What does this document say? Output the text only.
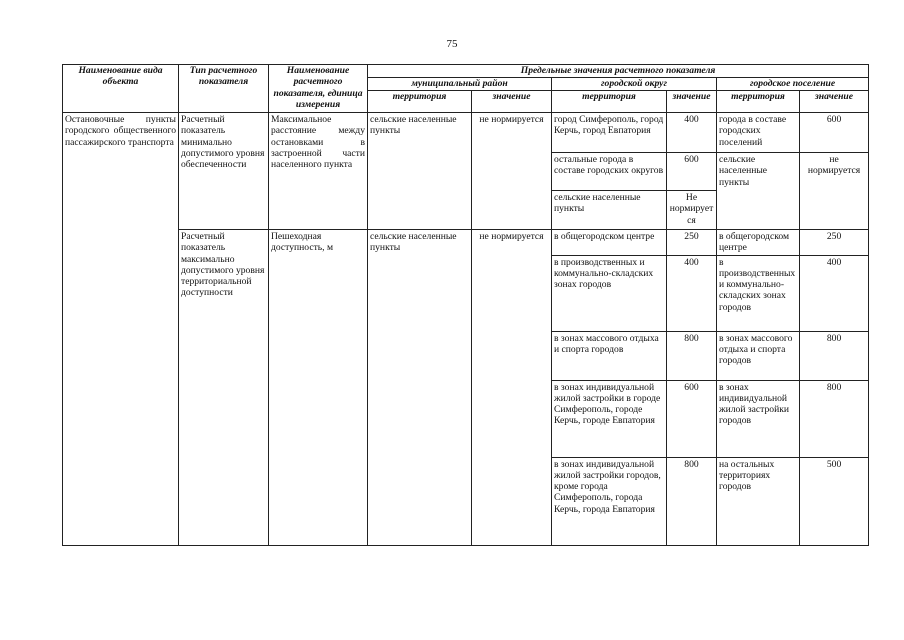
75
Наименование вида объекта	Тип расчетного показателя	Наименование расчетного показателя, единица измерения	Предельные значения расчетного показателя					
			муниципальный район		городской округ		городское поселение	
			территория	значение	территория	значение	территория	значение
Остановочные пункты городского общественного пассажирского транспорта	Расчетный показатель минимально допустимого уровня обеспеченности	Максимальное расстояние между остановками в застроенной части населенного пункта	сельские населенные пункты	не нормируется	город Симферополь, город Керчь, город Евпатория	400	города в составе городских поселений	600
					остальные города в составе городских округов	600	сельские населенные пункты	не нормируется
					сельские населенные пункты	Не нормирует ся		
	Расчетный показатель максимально допустимого уровня территориальной доступности	Пешеходная доступность, м	сельские населенные пункты	не нормируется	в общегородском центре	250	в общегородском центре	250
					в производственных и коммунально-складских зонах городов	400	в производственных и коммунально-складских зонах городов	400
					в зонах массового отдыха и спорта городов	800	в зонах массового отдыха и спорта городов	800
					в зонах индивидуальной жилой застройки в городе Симферополь, городе Керчь, городе Евпатория	600	в зонах индивидуальной жилой застройки городов	800
					в зонах индивидуальной жилой застройки городов, кроме города Симферополь, города Керчь, города Евпатория	800	на остальных территориях городов	500
